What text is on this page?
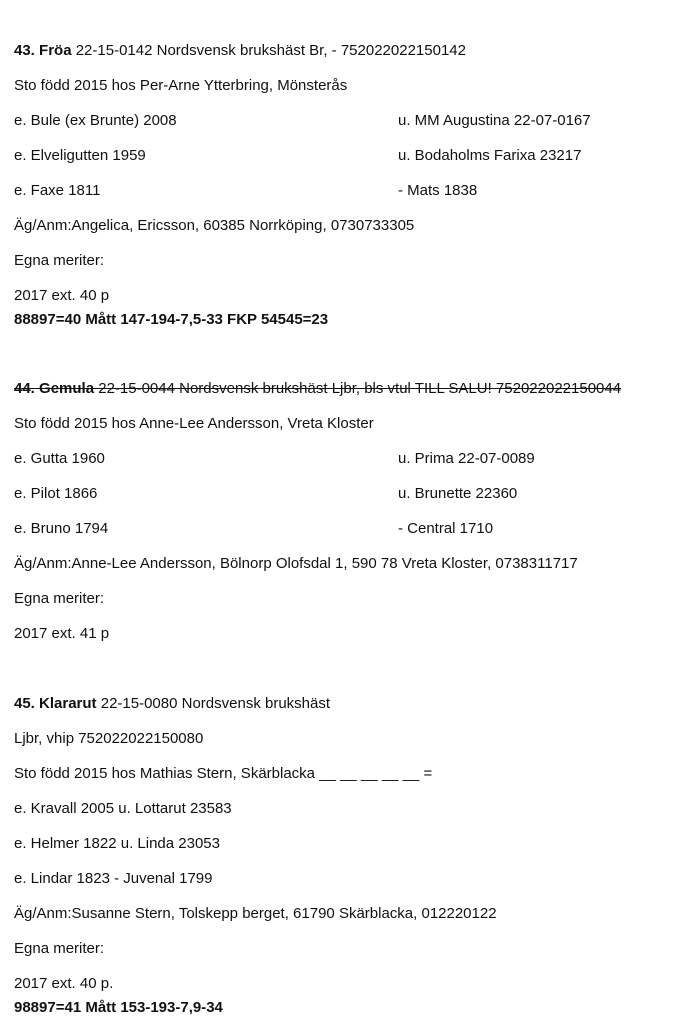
43. Fröa 22-15-0142 Nordsvensk brukshäst Br, - 752022022150142
Sto född 2015 hos Per-Arne Ytterbring, Mönsterås
e. Bule (ex Brunte) 2008	u. MM Augustina 22-07-0167
e. Elveligutten 1959	u. Bodaholms Farixa 23217
e. Faxe 1811	- Mats 1838
Äg/Anm:Angelica, Ericsson, 60385 Norrköping, 0730733305
Egna meriter:
2017 ext. 40 p
88897=40 Mått 147-194-7,5-33 FKP 54545=23
44. Gemula 22-15-0044 Nordsvensk brukshäst Ljbr, bls vtul TILL SALU! 752022022150044
Sto född 2015 hos Anne-Lee Andersson, Vreta Kloster
e. Gutta 1960	u. Prima 22-07-0089
e. Pilot 1866	u. Brunette 22360
e. Bruno 1794	- Central 1710
Äg/Anm:Anne-Lee Andersson, Bölnorp Olofsdal 1, 590 78 Vreta Kloster, 0738311717
Egna meriter:
2017 ext. 41 p
45. Klararut 22-15-0080 Nordsvensk brukshäst
Ljbr, vhip 752022022150080
Sto född 2015 hos Mathias Stern, Skärblacka __ __ __ __ __ =
e. Kravall 2005 u. Lottarut 23583
e. Helmer 1822 u. Linda 23053
e. Lindar 1823 - Juvenal 1799
Äg/Anm:Susanne Stern, Tolskepp berget, 61790 Skärblacka, 012220122
Egna meriter:
2017 ext. 40 p.
98897=41 Mått 153-193-7,9-34
